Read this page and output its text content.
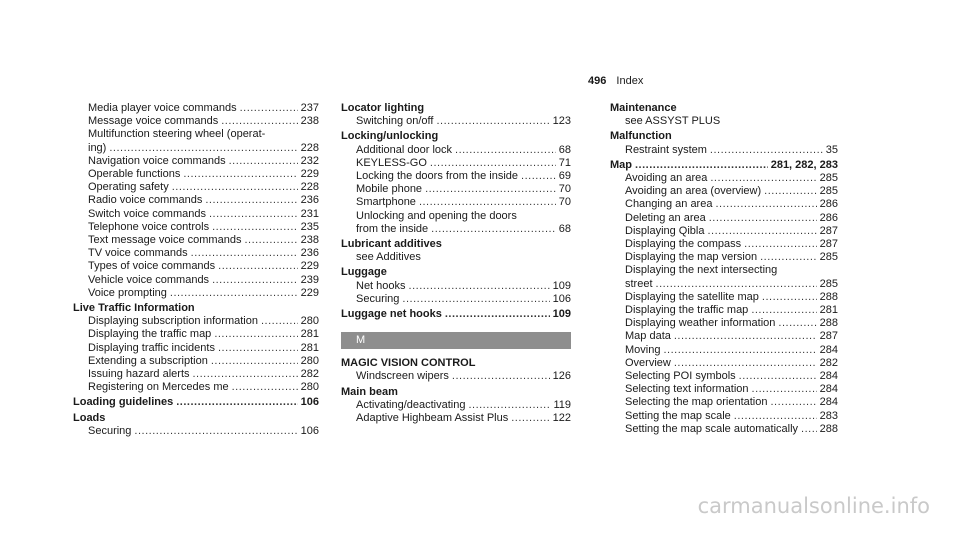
496 Index
Media player voice commands .....	237
Message voice commands .....	238
Multifunction steering wheel (operat-
ing) .....	228
Navigation voice commands .....	232
Operable functions .....	229
Operating safety .....	228
Radio voice commands .....	236
Switch voice commands .....	231
Telephone voice controls .....	235
Text message voice commands .....	238
TV voice commands .....	236
Types of voice commands .....	229
Vehicle voice commands .....	239
Voice prompting .....	229
Live Traffic Information
Displaying subscription information .....	280
Displaying the traffic map .....	281
Displaying traffic incidents .....	281
Extending a subscription .....	280
Issuing hazard alerts .....	282
Registering on Mercedes me .....	280
Loading guidelines .....	106
Loads
Securing .....	106
Locator lighting
Switching on/off .....	123
Locking/unlocking
Additional door lock .....	68
KEYLESS-GO .....	71
Locking the doors from the inside .....	69
Mobile phone .....	70
Smartphone .....	70
Unlocking and opening the doors
from the inside .....	68
Lubricant additives
see Additives
Luggage
Net hooks .....	109
Securing .....	106
Luggage net hooks .....	109
M
MAGIC VISION CONTROL
Windscreen wipers .....	126
Main beam
Activating/deactivating .....	119
Adaptive Highbeam Assist Plus .....	122
Maintenance
see ASSYST PLUS
Malfunction
Restraint system .....	35
Map .....	281, 282, 283
Avoiding an area .....	285
Avoiding an area (overview) .....	285
Changing an area .....	286
Deleting an area .....	286
Displaying Qibla .....	287
Displaying the compass .....	287
Displaying the map version .....	285
Displaying the next intersecting
street .....	285
Displaying the satellite map .....	288
Displaying the traffic map .....	281
Displaying weather information .....	288
Map data .....	287
Moving .....	284
Overview .....	282
Selecting POI symbols .....	284
Selecting text information .....	284
Selecting the map orientation .....	284
Setting the map scale .....	283
Setting the map scale automatically ..... 288
carmanualsonline.info
